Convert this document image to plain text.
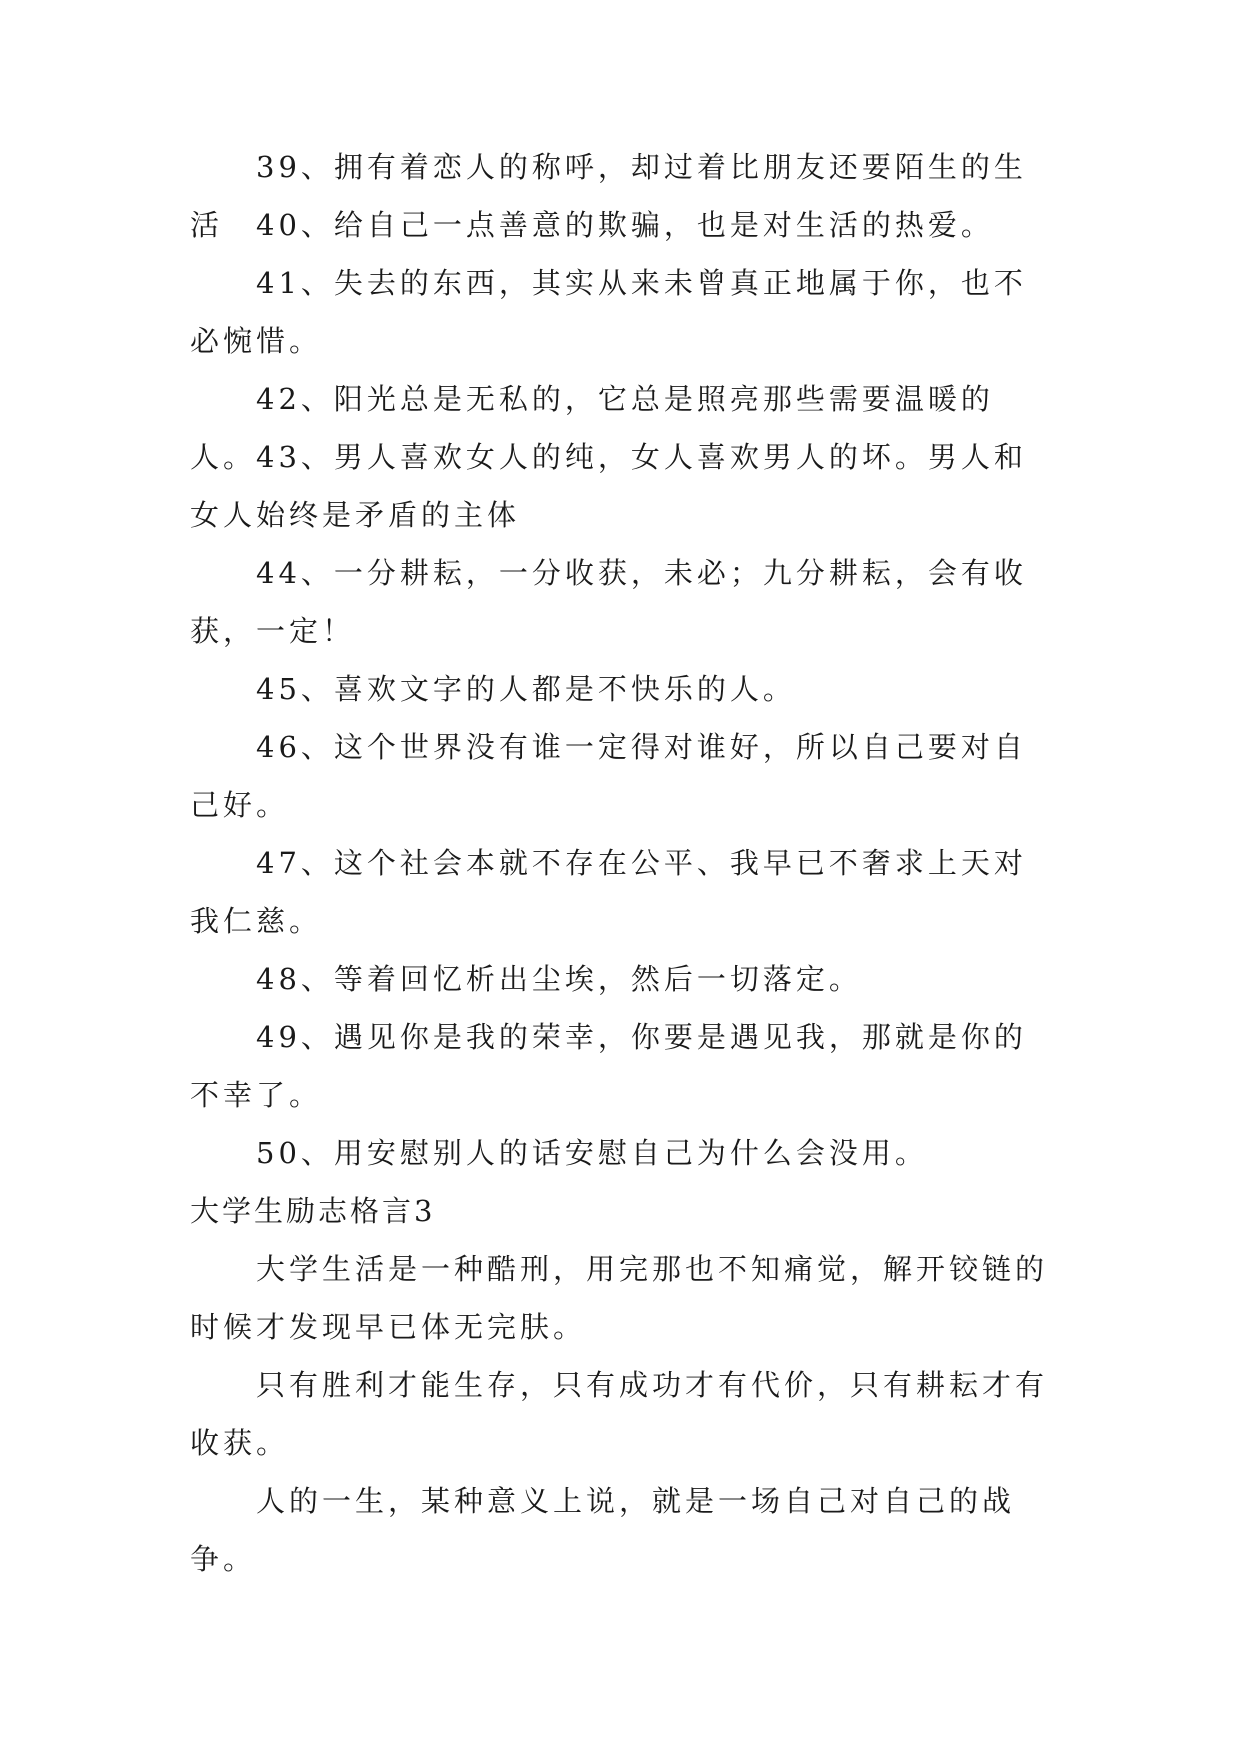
39、拥有着恋人的称呼，却过着比朋友还要陌生的生活	40、给自己一点善意的欺骗，也是对生活的热爱。

41、失去的东西，其实从来未曾真正地属于你，也不必惋惜。

42、阳光总是无私的，它总是照亮那些需要温暖的人。 43、男人喜欢女人的纯，女人喜欢男人的坏。男人和女人始终是矛盾的主体

44、一分耕耘，一分收获，未必；九分耕耘，会有收获，一定！

45、喜欢文字的人都是不快乐的人。

46、这个世界没有谁一定得对谁好，所以自己要对自己好。

47、这个社会本就不存在公平、我早已不奢求上天对我仁慈。

48、等着回忆析出尘埃，然后一切落定。

49、遇见你是我的荣幸，你要是遇见我，那就是你的不幸了。

50、用安慰别人的话安慰自己为什么会没用。

大学生励志格言3

大学生活是一种酷刑，用完那也不知痛觉，解开铰链的时候才发现早已体无完肤。

只有胜利才能生存，只有成功才有代价，只有耕耘才有收获。

人的一生，某种意义上说，就是一场自己对自己的战争。
